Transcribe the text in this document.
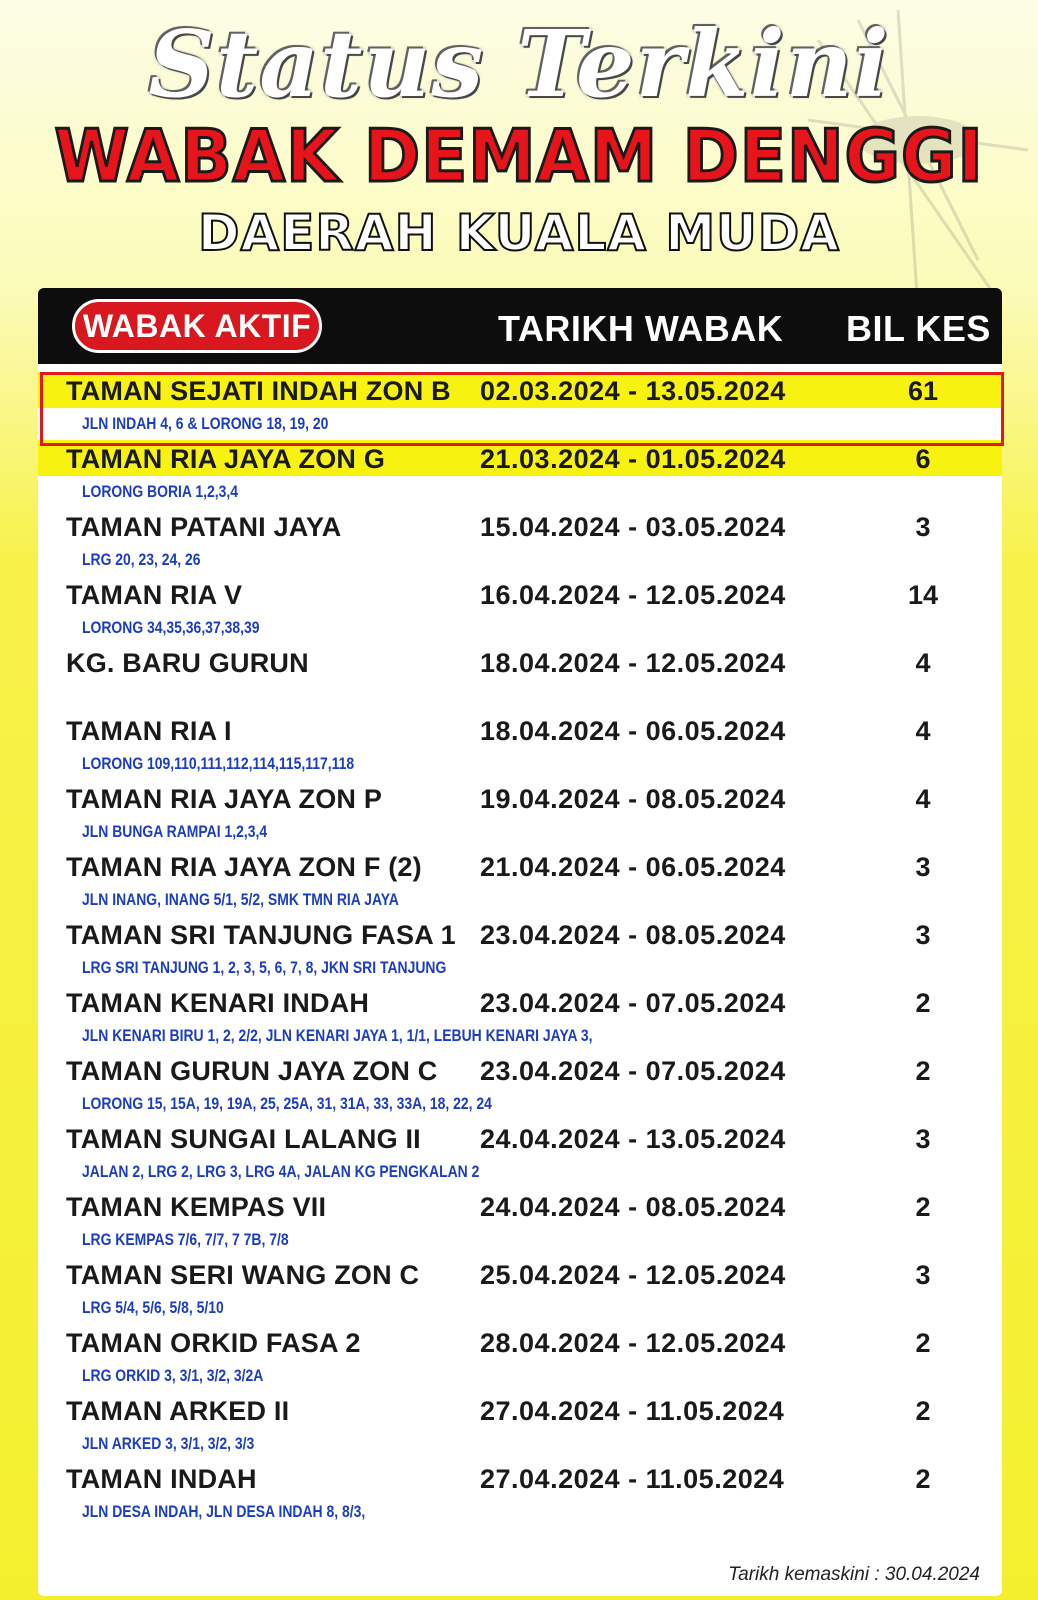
Status Terkini
WABAK DEMAM DENGGI
DAERAH KUALA MUDA
WABAK AKTIF	TARIKH WABAK	BIL KES
TAMAN SEJATI INDAH ZON B 02.03.2024 - 13.05.2024	61
JLN INDAH 4, 6 & LORONG 18, 19, 20
TAMAN RIA JAYA ZON G	21.03.2024 - 01.05.2024	6
LORONG BORIA 1,2,3,4
TAMAN PATANI JAYA	15.04.2024 - 03.05.2024	3
LRG 20, 23, 24, 26
TAMAN RIA V	16.04.2024 - 12.05.2024	14
LORONG 34,35,36,37,38,39
KG. BARU GURUN	18.04.2024 - 12.05.2024	4
TAMAN RIA I	18.04.2024 - 06.05.2024	4
LORONG 109,110,111,112,114,115,117,118
TAMAN RIA JAYA ZON P	19.04.2024 - 08.05.2024	4
JLN BUNGA RAMPAI 1,2,3,4
TAMAN RIA JAYA ZON F (2) 21.04.2024 - 06.05.2024	3
JLN INANG, INANG 5/1, 5/2, SMK TMN RIA JAYA
TAMAN SRI TANJUNG FASA 1 23.04.2024 - 08.05.2024	3
LRG SRI TANJUNG 1, 2, 3, 5, 6, 7, 8, JKN SRI TANJUNG
TAMAN KENARI INDAH	23.04.2024 - 07.05.2024	2
JLN KENARI BIRU 1, 2, 2/2, JLN KENARI JAYA 1, 1/1, LEBUH KENARI JAYA 3,
TAMAN GURUN JAYA ZON C 23.04.2024 - 07.05.2024	2
LORONG 15, 15A, 19, 19A, 25, 25A, 31, 31A, 33, 33A, 18, 22, 24
TAMAN SUNGAI LALANG II 24.04.2024 - 13.05.2024	3
JALAN 2, LRG 2, LRG 3, LRG 4A, JALAN KG PENGKALAN 2
TAMAN KEMPAS VII	24.04.2024 - 08.05.2024	2
LRG KEMPAS 7/6, 7/7, 7 7B, 7/8
TAMAN SERI WANG ZON C 25.04.2024 - 12.05.2024	3
LRG 5/4, 5/6, 5/8, 5/10
TAMAN ORKID FASA 2	28.04.2024 - 12.05.2024	2
LRG ORKID 3, 3/1, 3/2, 3/2A
TAMAN ARKED II	27.04.2024 - 11.05.2024	2
JLN ARKED 3, 3/1, 3/2, 3/3
TAMAN INDAH	27.04.2024 - 11.05.2024	2
JLN DESA INDAH, JLN DESA INDAH 8, 8/3,
Tarikh kemaskini : 30.04.2024
